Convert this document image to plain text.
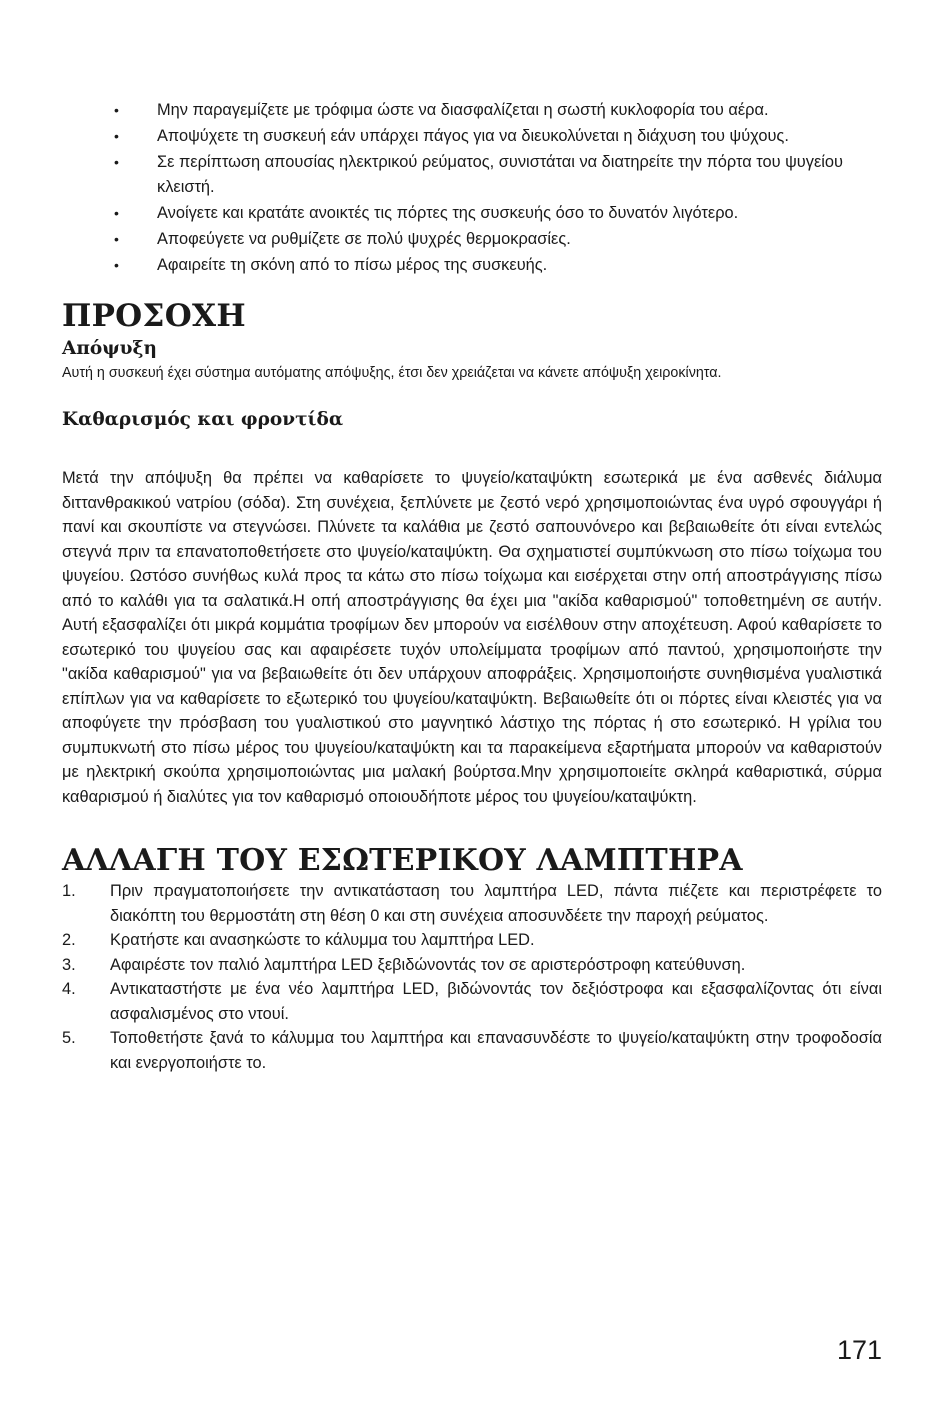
• Μην παραγεμίζετε με τρόφιμα ώστε να διασφαλίζεται η σωστή κυκλοφορία του αέρα.
• Αποψύχετε τη συσκευή εάν υπάρχει πάγος για να διευκολύνεται η διάχυση του ψύχους.
• Σε περίπτωση απουσίας ηλεκτρικού ρεύματος, συνιστάται να διατηρείτε την πόρτα του ψυγείου κλειστή.
• Ανοίγετε και κρατάτε ανοικτές τις πόρτες της συσκευής όσο το δυνατόν λιγότερο.
• Αποφεύγετε να ρυθμίζετε σε πολύ ψυχρές θερμοκρασίες.
• Αφαιρείτε τη σκόνη από το πίσω μέρος της συσκευής.
ΠΡΟΣΟΧΗ
Απόψυξη

Αυτή η συσκευή έχει σύστημα αυτόματης απόψυξης, έτσι δεν χρειάζεται να κάνετε απόψυξη χειροκίνητα.

Καθαρισμός και φροντίδα

Μετά την απόψυξη θα πρέπει να καθαρίσετε το ψυγείο/καταψύκτη εσωτερικά με ένα ασθενές διάλυμα διττανθρακικού νατρίου (σόδα). Στη συνέχεια, ξεπλύνετε με ζεστό νερό χρησιμοποιώντας ένα υγρό σφουγγάρι ή πανί και σκουπίστε να στεγνώσει. Πλύνετε τα καλάθια με ζεστό σαπουνόνερο και βεβαιωθείτε ότι είναι εντελώς στεγνά πριν τα επανατοποθετήσετε στο ψυγείο/καταψύκτη. Θα σχηματιστεί συμπύκνωση στο πίσω τοίχωμα του ψυγείου. Ωστόσο συνήθως κυλά προς τα κάτω στο πίσω τοίχωμα και εισέρχεται στην οπή αποστράγγισης πίσω από το καλάθι για τα σαλατικά.Η οπή αποστράγγισης θα έχει μια "ακίδα καθαρισμού" τοποθετημένη σε αυτήν. Αυτή εξασφαλίζει ότι μικρά κομμάτια τροφίμων δεν μπορούν να εισέλθουν στην αποχέτευση. Αφού καθαρίσετε το εσωτερικό του ψυγείου σας και αφαιρέσετε τυχόν υπολείμματα τροφίμων από παντού, χρησιμοποιήστε την "ακίδα καθαρισμού" για να βεβαιωθείτε ότι δεν υπάρχουν αποφράξεις. Χρησιμοποιήστε συνηθισμένα γυαλιστικά επίπλων για να καθαρίσετε το εξωτερικό του ψυγείου/καταψύκτη. Βεβαιωθείτε ότι οι πόρτες είναι κλειστές για να αποφύγετε την πρόσβαση του γυαλιστικού στο μαγνητικό λάστιχο της πόρτας ή στο εσωτερικό. Η γρίλια του συμπυκνωτή στο πίσω μέρος του ψυγείου/καταψύκτη και τα παρακείμενα εξαρτήματα μπορούν να καθαριστούν με ηλεκτρική σκούπα χρησιμοποιώντας μια μαλακή βούρτσα.Μην χρησιμοποιείτε σκληρά καθαριστικά, σύρμα καθαρισμού ή διαλύτες για τον καθαρισμό οποιουδήποτε μέρος του ψυγείου/καταψύκτη.

ΑΛΛΑΓΗ ΤΟΥ ΕΣΩΤΕΡΙΚΟΥ ΛΑΜΠΤΗΡΑ
1. Πριν πραγματοποιήσετε την αντικατάσταση του λαμπτήρα LED, πάντα πιέζετε και περιστρέφετε το διακόπτη του θερμοστάτη στη θέση 0 και στη συνέχεια αποσυνδέετε την παροχή ρεύματος.
2. Κρατήστε και ανασηκώστε το κάλυμμα του λαμπτήρα LED.
3. Αφαιρέστε τον παλιό λαμπτήρα LED ξεβιδώνοντάς τον σε αριστερόστροφη κατεύθυνση.
4. Αντικαταστήστε με ένα νέο λαμπτήρα LED, βιδώνοντάς τον δεξιόστροφα και εξασφαλίζοντας ότι είναι ασφαλισμένος στο ντουί.
5. Τοποθετήστε ξανά το κάλυμμα του λαμπτήρα και επανασυνδέστε το ψυγείο/καταψύκτη στην τροφοδοσία και ενεργοποιήστε το.
171
